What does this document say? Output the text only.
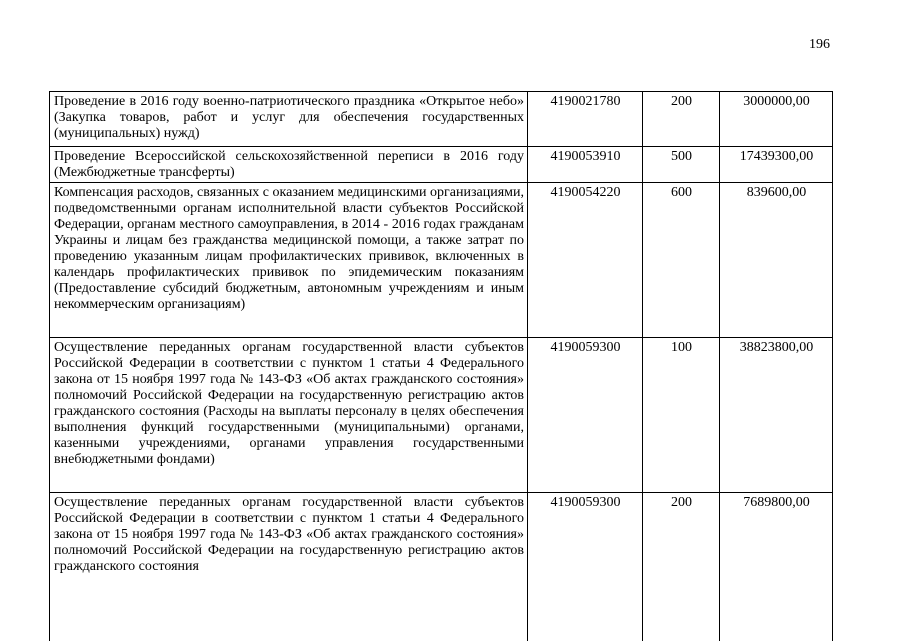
196
Проведение в 2016 году военно-патриотического праздника «Открытое небо» (Закупка товаров, работ и услуг для обеспечения государственных (муниципальных) нужд)	4190021780	200	3000000,00
Проведение Всероссийской сельскохозяйственной переписи в 2016 году (Межбюджетные трансферты)	4190053910	500	17439300,00
Компенсация расходов, связанных с оказанием медицинскими организациями, подведомственными органам исполнительной власти субъектов Российской Федерации, органам местного самоуправления, в 2014 - 2016 годах гражданам Украины и лицам без гражданства медицинской помощи, а также затрат по проведению указанным лицам профилактических прививок, включенных в календарь профилактических прививок по эпидемическим показаниям (Предоставление субсидий бюджетным, автономным учреждениям и иным некоммерческим организациям)	4190054220	600	839600,00
Осуществление переданных органам государственной власти субъектов Российской Федерации в соответствии с пунктом 1 статьи 4 Федерального закона от 15 ноября 1997 года № 143-ФЗ «Об актах гражданского состояния» полномочий Российской Федерации на государственную регистрацию актов гражданского состояния (Расходы на выплаты персоналу в целях обеспечения выполнения функций государственными (муниципальными) органами, казенными учреждениями, органами управления государственными внебюджетными фондами)	4190059300	100	38823800,00
Осуществление переданных органам государственной власти субъектов Российской Федерации в соответствии с пунктом 1 статьи 4 Федерального закона от 15 ноября 1997 года № 143-ФЗ «Об актах гражданского состояния» полномочий Российской Федерации на государственную регистрацию актов гражданского состояния	4190059300	200	7689800,00
